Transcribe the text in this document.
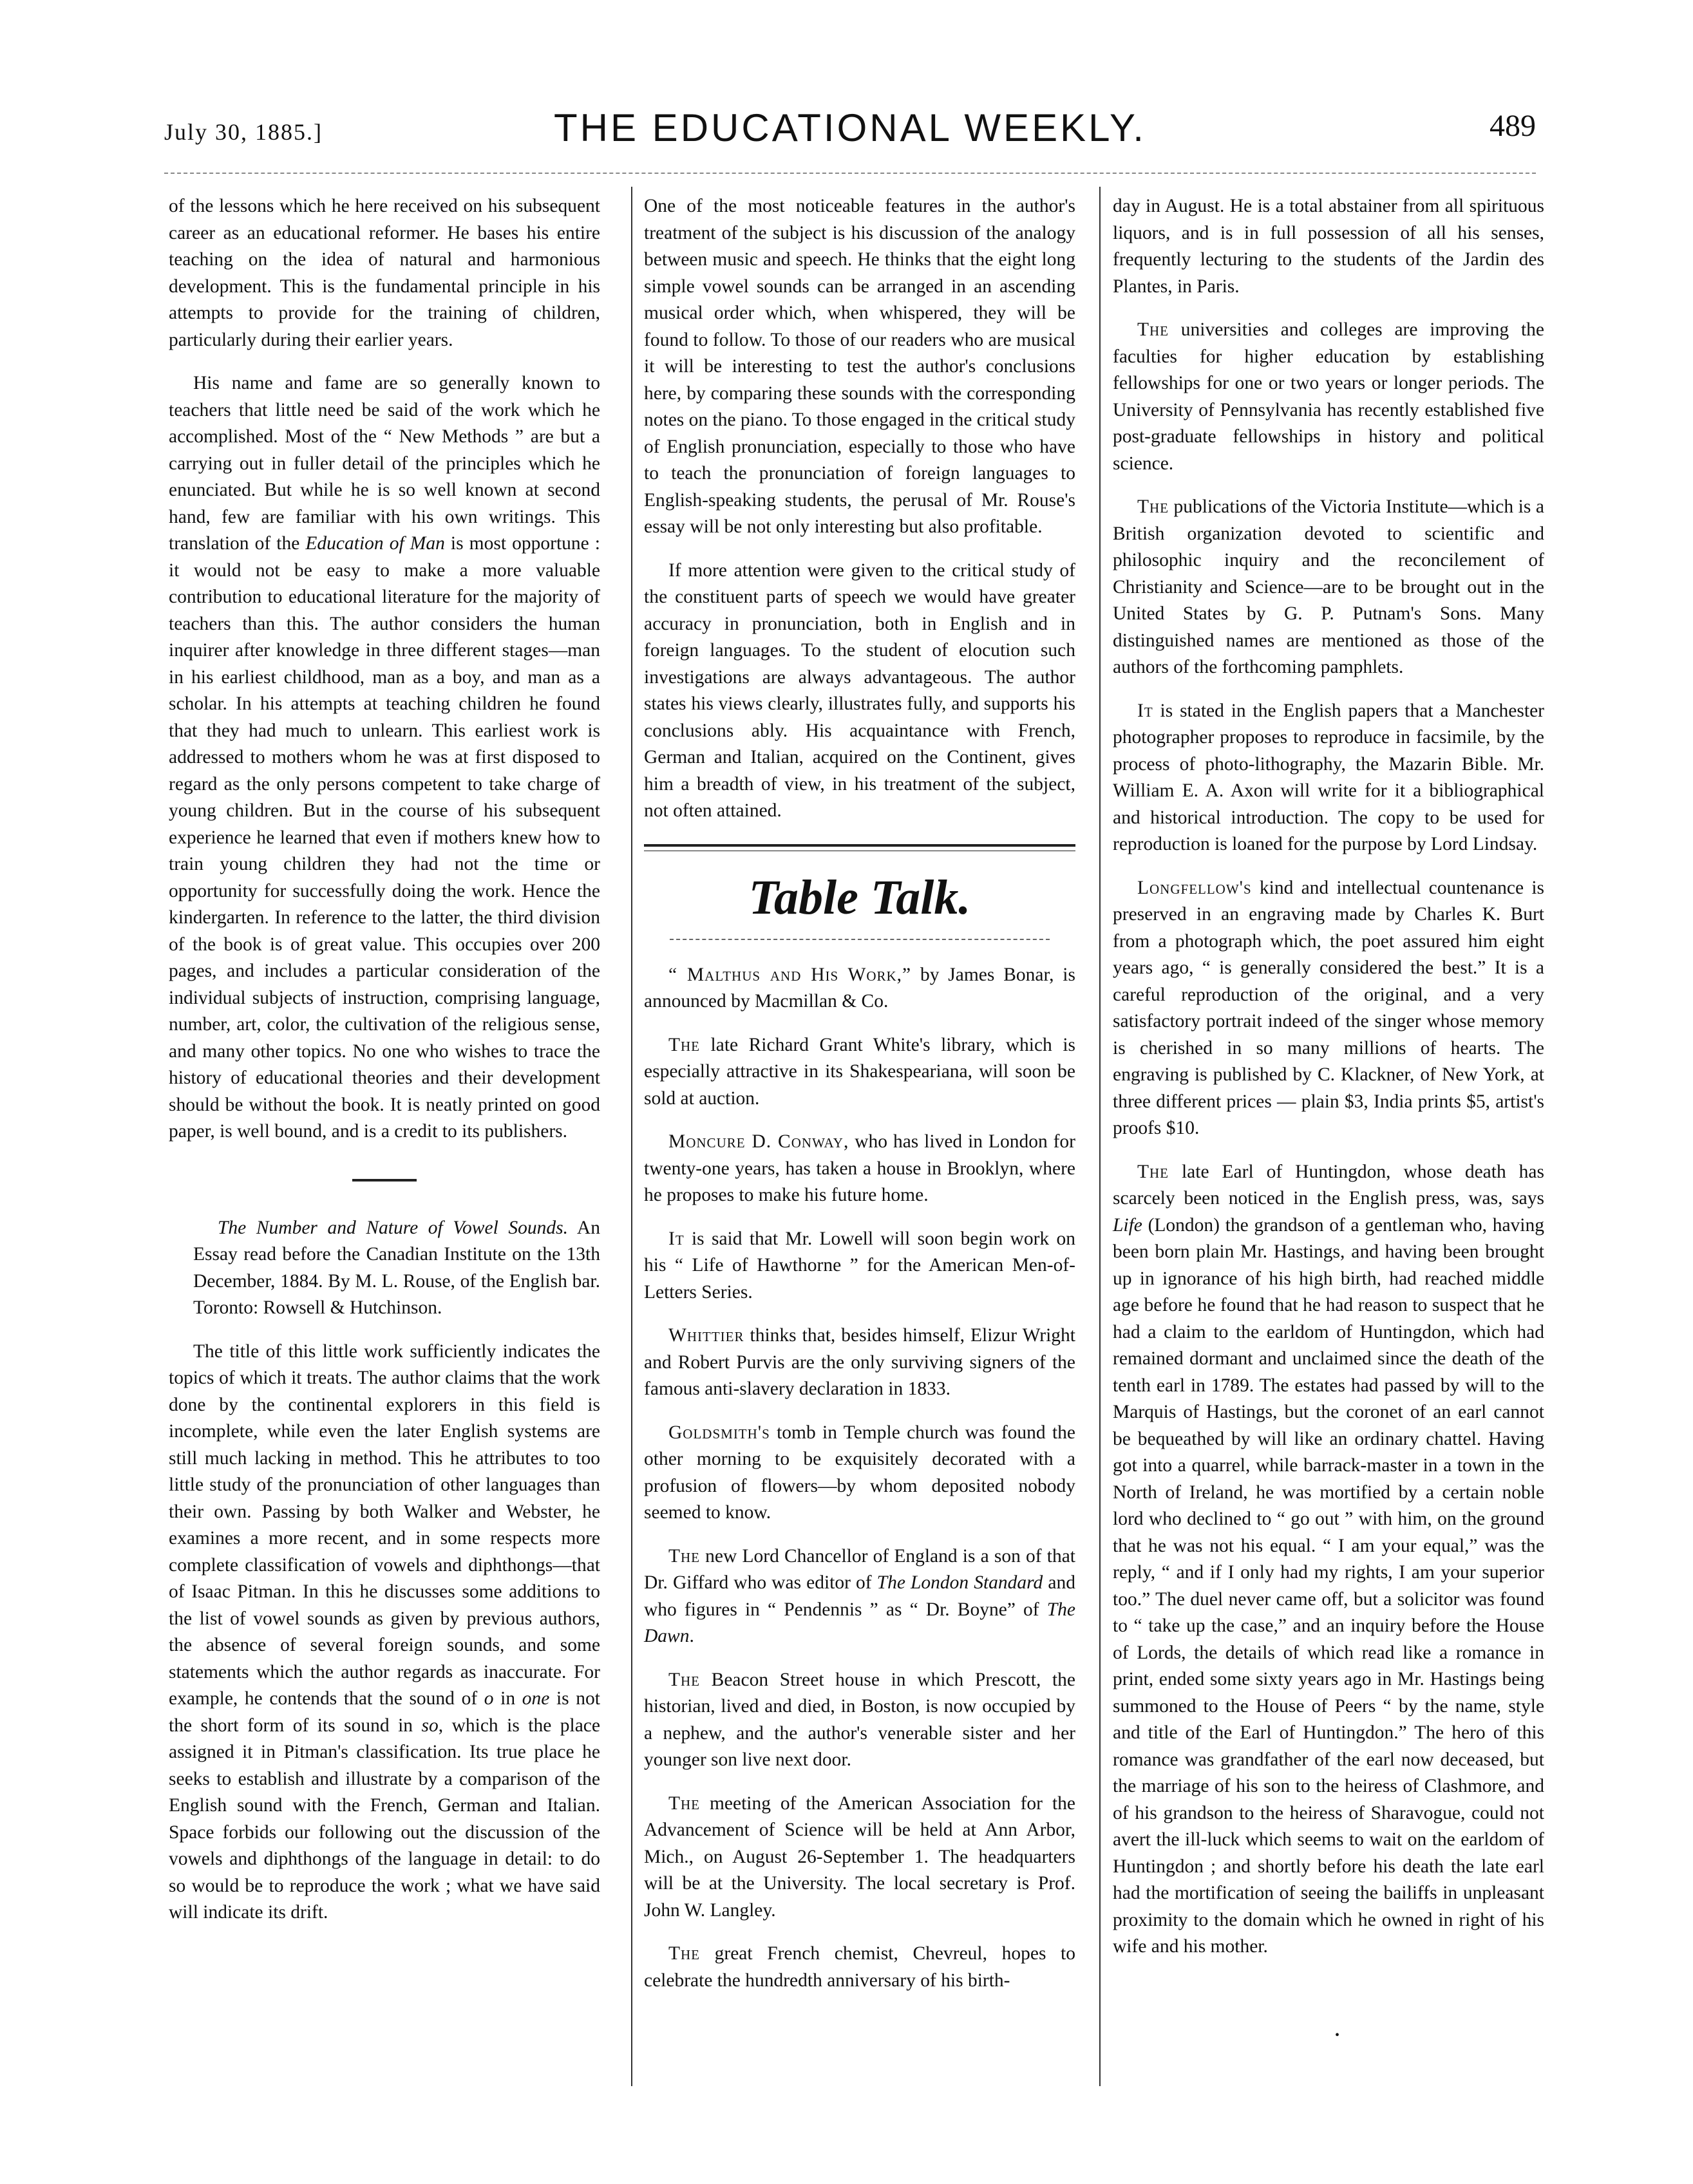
July 30, 1885.]	THE EDUCATIONAL WEEKLY.	489

of the lessons which he here received on his subsequent career as an educational reformer. He bases his entire teaching on the idea of natural and harmonious development. This is the fundamental principle in his attempts to provide for the training of children, particularly during their earlier years.

His name and fame are so generally known to teachers that little need be said of the work which he accomplished. Most of the “ New Methods ” are but a carrying out in fuller detail of the principles which he enunciated. But while he is so well known at second hand, few are familiar with his own writings. This translation of the Education of Man is most opportune : it would not be easy to make a more valuable contribution to educational literature for the majority of teachers than this. The author considers the human inquirer after knowledge in three different stages—man in his earliest childhood, man as a boy, and man as a scholar. In his attempts at teaching children he found that they had much to unlearn. This earliest work is addressed to mothers whom he was at first disposed to regard as the only persons competent to take charge of young children. But in the course of his subsequent experience he learned that even if mothers knew how to train young children they had not the time or opportunity for successfully doing the work. Hence the kindergarten. In reference to the latter, the third division of the book is of great value. This occupies over 200 pages, and includes a particular consideration of the individual subjects of instruction, comprising language, number, art, color, the cultivation of the religious sense, and many other topics. No one who wishes to trace the history of educational theories and their development should be without the book. It is neatly printed on good paper, is well bound, and is a credit to its publishers.

The Number and Nature of Vowel Sounds. An Essay read before the Canadian Institute on the 13th December, 1884. By M. L. Rouse, of the English bar. Toronto: Rowsell & Hutchinson.

The title of this little work sufficiently indicates the topics of which it treats. The author claims that the work done by the continental explorers in this field is incomplete, while even the later English systems are still much lacking in method. This he attributes to too little study of the pronunciation of other languages than their own. Passing by both Walker and Webster, he examines a more recent, and in some respects more complete classification of vowels and diphthongs—that of Isaac Pitman. In this he discusses some additions to the list of vowel sounds as given by previous authors, the absence of several foreign sounds, and some statements which the author regards as inaccurate. For example, he contends that the sound of o in one is not the short form of its sound in so, which is the place assigned it in Pitman's classification. Its true place he seeks to establish and illustrate by a comparison of the English sound with the French, German and Italian. Space forbids our following out the discussion of the vowels and diphthongs of the language in detail: to do so would be to reproduce the work ; what we have said will indicate its drift.

One of the most noticeable features in the author's treatment of the subject is his discussion of the analogy between music and speech. He thinks that the eight long simple vowel sounds can be arranged in an ascending musical order which, when whispered, they will be found to follow. To those of our readers who are musical it will be interesting to test the author's conclusions here, by comparing these sounds with the corresponding notes on the piano. To those engaged in the critical study of English pronunciation, especially to those who have to teach the pronunciation of foreign languages to English-speaking students, the perusal of Mr. Rouse's essay will be not only interesting but also profitable.

If more attention were given to the critical study of the constituent parts of speech we would have greater accuracy in pronunciation, both in English and in foreign languages. To the student of elocution such investigations are always advantageous. The author states his views clearly, illustrates fully, and supports his conclusions ably. His acquaintance with French, German and Italian, acquired on the Continent, gives him a breadth of view, in his treatment of the subject, not often attained.

Table Talk.

“ Malthus and His Work,” by James Bonar, is announced by Macmillan & Co.

The late Richard Grant White's library, which is especially attractive in its Shakespeariana, will soon be sold at auction.

Moncure D. Conway, who has lived in London for twenty-one years, has taken a house in Brooklyn, where he proposes to make his future home.

It is said that Mr. Lowell will soon begin work on his “ Life of Hawthorne ” for the American Men-of-Letters Series.

Whittier thinks that, besides himself, Elizur Wright and Robert Purvis are the only surviving signers of the famous anti-slavery declaration in 1833.

Goldsmith's tomb in Temple church was found the other morning to be exquisitely decorated with a profusion of flowers—by whom deposited nobody seemed to know.

The new Lord Chancellor of England is a son of that Dr. Giffard who was editor of The London Standard and who figures in “ Pendennis ” as “ Dr. Boyne” of The Dawn.

The Beacon Street house in which Prescott, the historian, lived and died, in Boston, is now occupied by a nephew, and the author's venerable sister and her younger son live next door.

The meeting of the American Association for the Advancement of Science will be held at Ann Arbor, Mich., on August 26-September 1. The headquarters will be at the University. The local secretary is Prof. John W. Langley.

The great French chemist, Chevreul, hopes to celebrate the hundredth anniversary of his birth-

day in August. He is a total abstainer from all spirituous liquors, and is in full possession of all his senses, frequently lecturing to the students of the Jardin des Plantes, in Paris.

The universities and colleges are improving the faculties for higher education by establishing fellowships for one or two years or longer periods. The University of Pennsylvania has recently established five post-graduate fellowships in history and political science.

The publications of the Victoria Institute—which is a British organization devoted to scientific and philosophic inquiry and the reconcilement of Christianity and Science—are to be brought out in the United States by G. P. Putnam's Sons. Many distinguished names are mentioned as those of the authors of the forthcoming pamphlets.

It is stated in the English papers that a Manchester photographer proposes to reproduce in facsimile, by the process of photo-lithography, the Mazarin Bible. Mr. William E. A. Axon will write for it a bibliographical and historical introduction. The copy to be used for reproduction is loaned for the purpose by Lord Lindsay.

Longfellow's kind and intellectual countenance is preserved in an engraving made by Charles K. Burt from a photograph which, the poet assured him eight years ago, “ is generally considered the best.” It is a careful reproduction of the original, and a very satisfactory portrait indeed of the singer whose memory is cherished in so many millions of hearts. The engraving is published by C. Klackner, of New York, at three different prices — plain $3, India prints $5, artist's proofs $10.

The late Earl of Huntingdon, whose death has scarcely been noticed in the English press, was, says Life (London) the grandson of a gentleman who, having been born plain Mr. Hastings, and having been brought up in ignorance of his high birth, had reached middle age before he found that he had reason to suspect that he had a claim to the earldom of Huntingdon, which had remained dormant and unclaimed since the death of the tenth earl in 1789. The estates had passed by will to the Marquis of Hastings, but the coronet of an earl cannot be bequeathed by will like an ordinary chattel. Having got into a quarrel, while barrack-master in a town in the North of Ireland, he was mortified by a certain noble lord who declined to “ go out ” with him, on the ground that he was not his equal. “ I am your equal,” was the reply, “ and if I only had my rights, I am your superior too.” The duel never came off, but a solicitor was found to “ take up the case,” and an inquiry before the House of Lords, the details of which read like a romance in print, ended some sixty years ago in Mr. Hastings being summoned to the House of Peers “ by the name, style and title of the Earl of Huntingdon.” The hero of this romance was grandfather of the earl now deceased, but the marriage of his son to the heiress of Clashmore, and of his grandson to the heiress of Sharavogue, could not avert the ill-luck which seems to wait on the earldom of Huntingdon ; and shortly before his death the late earl had the mortification of seeing the bailiffs in unpleasant proximity to the domain which he owned in right of his wife and his mother.

•
